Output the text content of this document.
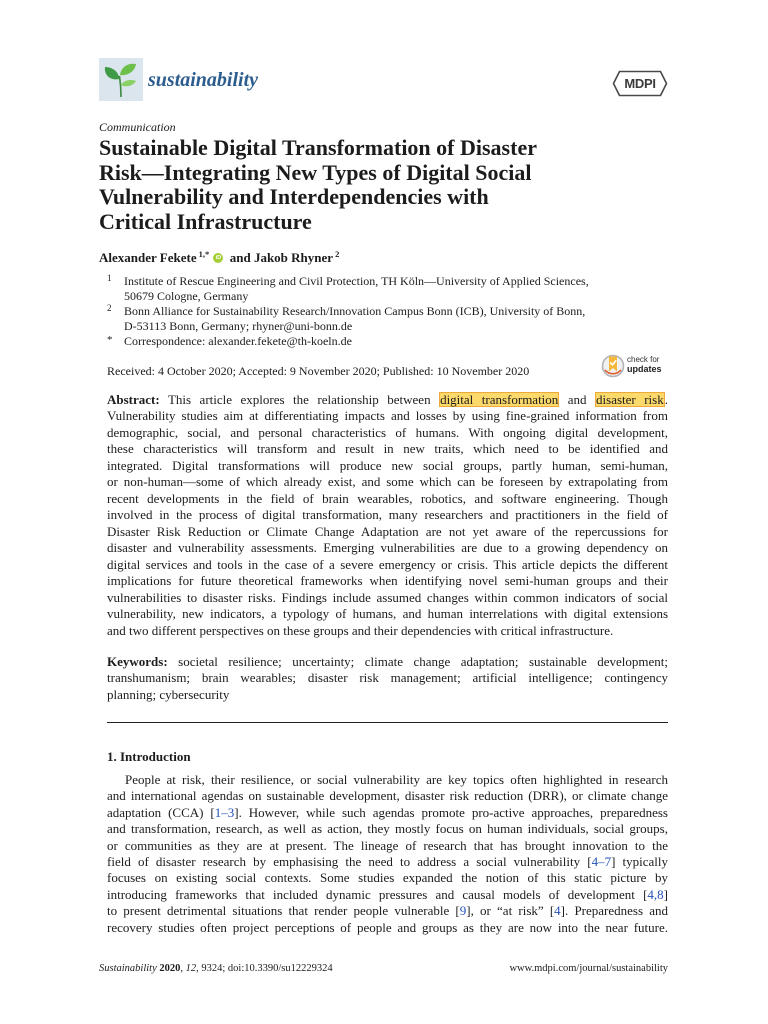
sustainability	MDPI
Communication
Sustainable Digital Transformation of Disaster
Risk—Integrating New Types of Digital Social
Vulnerability and Interdependencies with
Critical Infrastructure
Alexander Fekete $^{1,*}$ iD and Jakob Rhyner $^2$
1	Institute of Rescue Engineering and Civil Protection, TH Köln—University of Applied Sciences,
50679 Cologne, Germany
2	Bonn Alliance for Sustainability Research/Innovation Campus Bonn (ICB), University of Bonn,
D-53113 Bonn, Germany; rhyner@uni-bonn.de
* Correspondence: alexander.fekete@th-koeln.de
Received: 4 October 2020; Accepted: 9 November 2020; Published: 10 November 2020
check for
updates
Abstract: This article explores the relationship between digital transformation and disaster risk.
Vulnerability studies aim at differentiating impacts and losses by using fine-grained information from
demographic, social, and personal characteristics of humans. With ongoing digital development,
these characteristics will transform and result in new traits, which need to be identified and
integrated. Digital transformations will produce new social groups, partly human, semi-human,
or non-human—some of which already exist, and some which can be foreseen by extrapolating from
recent developments in the field of brain wearables, robotics, and software engineering. Though
involved in the process of digital transformation, many researchers and practitioners in the field of
Disaster Risk Reduction or Climate Change Adaptation are not yet aware of the repercussions for
disaster and vulnerability assessments. Emerging vulnerabilities are due to a growing dependency on
digital services and tools in the case of a severe emergency or crisis. This article depicts the different
implications for future theoretical frameworks when identifying novel semi-human groups and their
vulnerabilities to disaster risks. Findings include assumed changes within common indicators of social
vulnerability, new indicators, a typology of humans, and human interrelations with digital extensions
and two different perspectives on these groups and their dependencies with critical infrastructure.
Keywords: societal resilience; uncertainty; climate change adaptation; sustainable development;
transhumanism; brain wearables; disaster risk management; artificial intelligence; contingency
planning; cybersecurity
1. Introduction
People at risk, their resilience, or social vulnerability are key topics often highlighted in research
and international agendas on sustainable development, disaster risk reduction (DRR), or climate change
adaptation (CCA) [1–3]. However, while such agendas promote pro-active approaches, preparedness
and transformation, research, as well as action, they mostly focus on human individuals, social groups,
or communities as they are at present. The lineage of research that has brought innovation to the
field of disaster research by emphasising the need to address a social vulnerability [4–7] typically
focuses on existing social contexts. Some studies expanded the notion of this static picture by
introducing frameworks that included dynamic pressures and causal models of development [4,8]
to present detrimental situations that render people vulnerable [9], or “at risk” [4]. Preparedness and
recovery studies often project perceptions of people and groups as they are now into the near future.
Sustainability 2020, 12, 9324; doi:10.3390/su12229324	www.mdpi.com/journal/sustainability
